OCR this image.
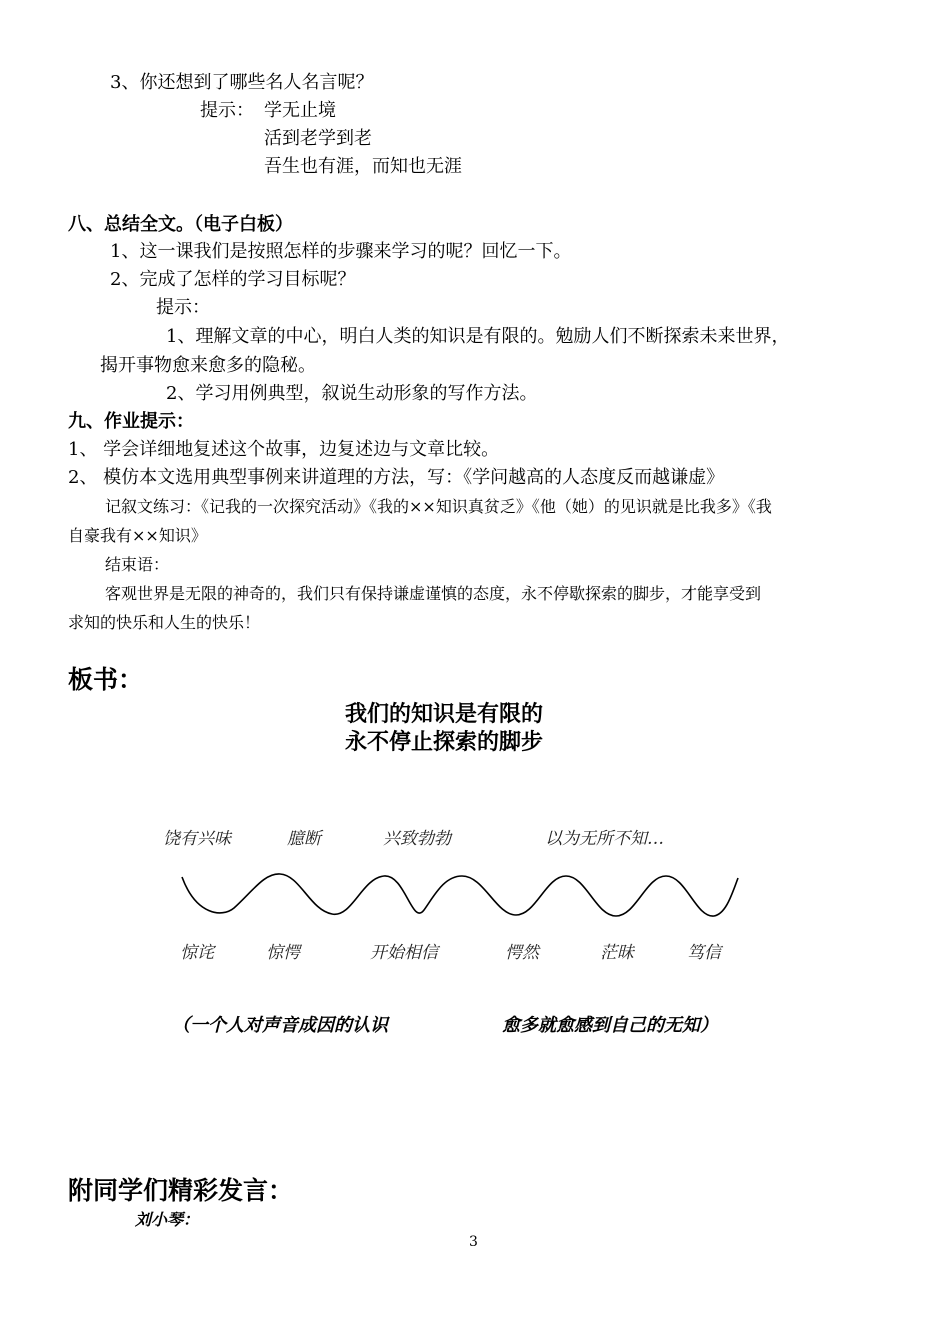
3、你还想到了哪些名人名言呢？
提示： 学无止境
活到老学到老
吾生也有涯，而知也无涯
八、总结全文。（电子白板）
1、这一课我们是按照怎样的步骤来学习的呢？回忆一下。
2、完成了怎样的学习目标呢？
提示：
1、理解文章的中心，明白人类的知识是有限的。勉励人们不断探索未来世界，
揭开事物愈来愈多的隐秘。
2、学习用例典型，叙说生动形象的写作方法。
九、作业提示：
1、 学会详细地复述这个故事，边复述边与文章比较。
2、 模仿本文选用典型事例来讲道理的方法，写：《学问越高的人态度反而越谦虚》
记叙文练习：《记我的一次探究活动》《我的××知识真贫乏》《他（她）的见识就是比我多》《我
自豪我有××知识》
结束语：
客观世界是无限的神奇的，我们只有保持谦虚谨慎的态度，永不停歇探索的脚步，才能享受到
求知的快乐和人生的快乐！
板书：
我们的知识是有限的
永不停止探索的脚步
饶有兴味	臆断	兴致勃勃	以为无所不知…
惊诧	惊愕	开始相信	愕然	茫昧	笃信
（一个人对声音成因的认识	愈多就愈感到自己的无知）
附同学们精彩发言：
刘小琴：
3
